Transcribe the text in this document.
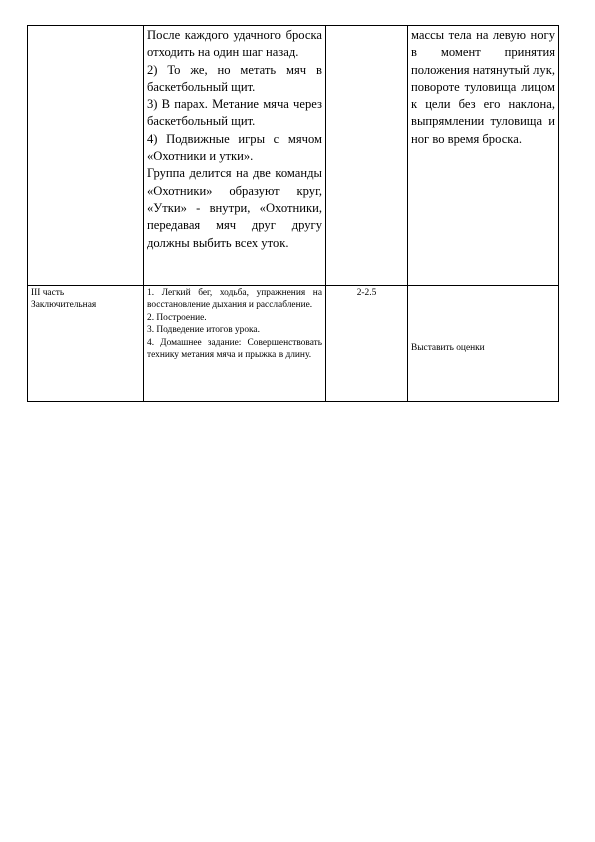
	После каждого удачного броска отходить на один шаг назад.
2) То же, но метать мяч в баскетбольный щит.
3) В парах. Метание мяча через баскетбольный щит.
4) Подвижные игры с мячом «Охотники и утки».
Группа делится на две команды «Охотники» образуют круг, «Утки» - внутри, «Охотники, передавая мяч друг другу должны выбить всех уток.		массы тела на левую ногу в момент принятия положения натянутый лук, повороте туловища лицом к цели без его наклона, выпрямлении туловища и ног во время броска.

III часть
Заключительная	1. Легкий бег, ходьба, упражнения на восстановление дыхания и расслабление.
2. Построение.
3. Подведение итогов урока.
4. Домашнее задание: Совершенствовать технику метания мяча и прыжка в длину.	2-2.5	Выставить оценки
